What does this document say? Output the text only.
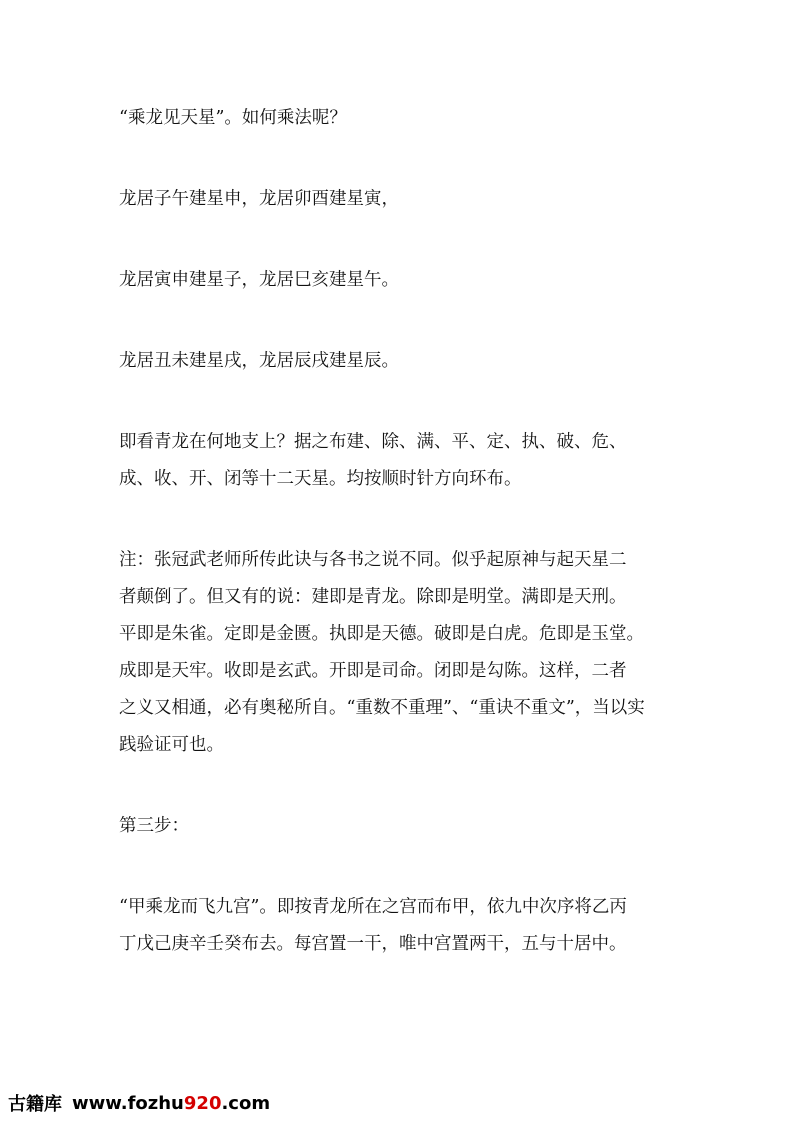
“乘龙见天星”。如何乘法呢？

龙居子午建星申，龙居卯酉建星寅，

龙居寅申建星子，龙居巳亥建星午。

龙居丑未建星戌，龙居辰戌建星辰。

即看青龙在何地支上？据之布建、除、满、平、定、执、破、危、
成、收、开、闭等十二天星。均按顺时针方向环布。

注：张冠武老师所传此诀与各书之说不同。似乎起原神与起天星二
者颠倒了。但又有的说：建即是青龙。除即是明堂。满即是天刑。
平即是朱雀。定即是金匮。执即是天德。破即是白虎。危即是玉堂。
成即是天牢。收即是玄武。开即是司命。闭即是勾陈。这样，二者
之义又相通，必有奥秘所自。“重数不重理”、“重诀不重文”，当以实
践验证可也。

第三步：

“甲乘龙而飞九宫”。即按青龙所在之宫而布甲，依九中次序将乙丙
丁戊己庚辛壬癸布去。每宫置一干，唯中宫置两干，五与十居中。

古籍库 www.fozhu920.com
